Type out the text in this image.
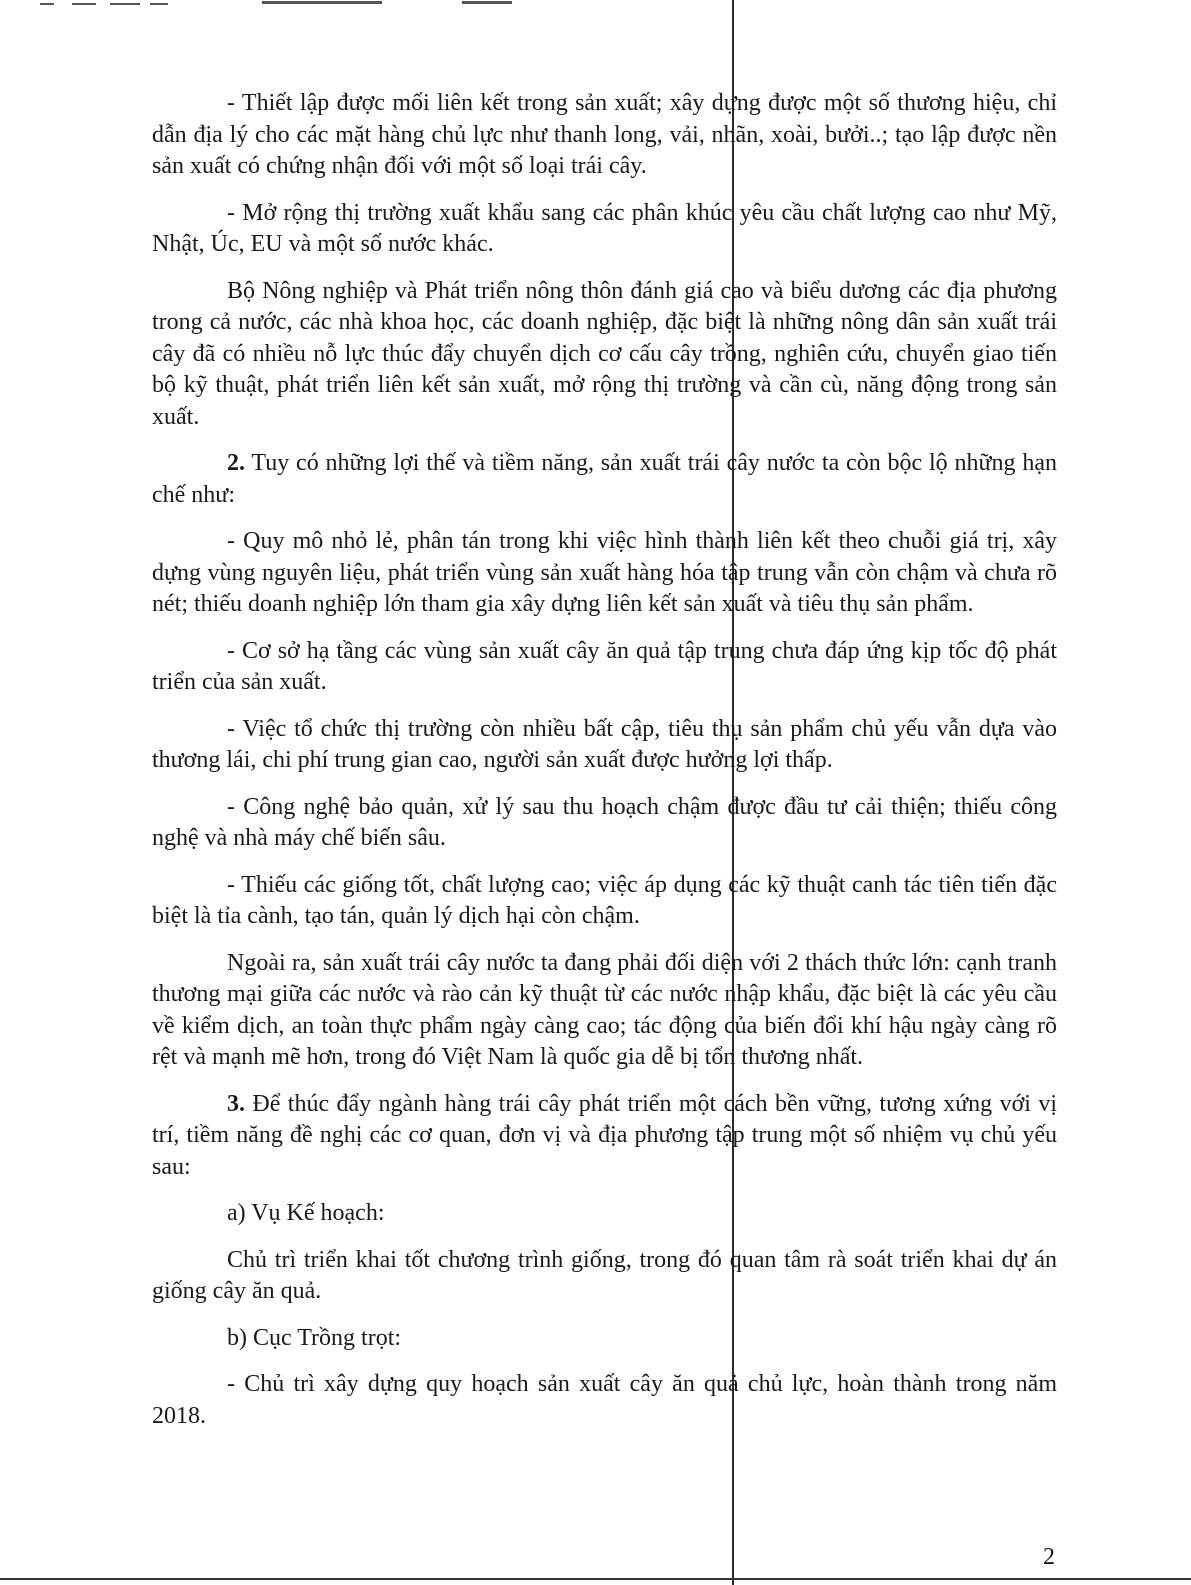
- Thiết lập được mối liên kết trong sản xuất; xây dựng được một số thương hiệu, chỉ dẫn địa lý cho các mặt hàng chủ lực như thanh long, vải, nhãn, xoài, bưởi..; tạo lập được nền sản xuất có chứng nhận đối với một số loại trái cây.

- Mở rộng thị trường xuất khẩu sang các phân khúc yêu cầu chất lượng cao như Mỹ, Nhật, Úc, EU và một số nước khác.

Bộ Nông nghiệp và Phát triển nông thôn đánh giá cao và biểu dương các địa phương trong cả nước, các nhà khoa học, các doanh nghiệp, đặc biệt là những nông dân sản xuất trái cây đã có nhiều nỗ lực thúc đẩy chuyển dịch cơ cấu cây trồng, nghiên cứu, chuyển giao tiến bộ kỹ thuật, phát triển liên kết sản xuất, mở rộng thị trường và cần cù, năng động trong sản xuất.

2. Tuy có những lợi thế và tiềm năng, sản xuất trái cây nước ta còn bộc lộ những hạn chế như:

- Quy mô nhỏ lẻ, phân tán trong khi việc hình thành liên kết theo chuỗi giá trị, xây dựng vùng nguyên liệu, phát triển vùng sản xuất hàng hóa tập trung vẫn còn chậm và chưa rõ nét; thiếu doanh nghiệp lớn tham gia xây dựng liên kết sản xuất và tiêu thụ sản phẩm.

- Cơ sở hạ tầng các vùng sản xuất cây ăn quả tập trung chưa đáp ứng kịp tốc độ phát triển của sản xuất.

- Việc tổ chức thị trường còn nhiều bất cập, tiêu thụ sản phẩm chủ yếu vẫn dựa vào thương lái, chi phí trung gian cao, người sản xuất được hưởng lợi thấp.

- Công nghệ bảo quản, xử lý sau thu hoạch chậm được đầu tư cải thiện; thiếu công nghệ và nhà máy chế biến sâu.

- Thiếu các giống tốt, chất lượng cao; việc áp dụng các kỹ thuật canh tác tiên tiến đặc biệt là tỉa cành, tạo tán, quản lý dịch hại còn chậm.

Ngoài ra, sản xuất trái cây nước ta đang phải đối diện với 2 thách thức lớn: cạnh tranh thương mại giữa các nước và rào cản kỹ thuật từ các nước nhập khẩu, đặc biệt là các yêu cầu về kiểm dịch, an toàn thực phẩm ngày càng cao; tác động của biến đổi khí hậu ngày càng rõ rệt và mạnh mẽ hơn, trong đó Việt Nam là quốc gia dễ bị tổn thương nhất.

3. Để thúc đẩy ngành hàng trái cây phát triển một cách bền vững, tương xứng với vị trí, tiềm năng đề nghị các cơ quan, đơn vị và địa phương tập trung một số nhiệm vụ chủ yếu sau:

a) Vụ Kế hoạch:

Chủ trì triển khai tốt chương trình giống, trong đó quan tâm rà soát triển khai dự án giống cây ăn quả.

b) Cục Trồng trọt:

- Chủ trì xây dựng quy hoạch sản xuất cây ăn quả chủ lực, hoàn thành trong năm 2018.

2
